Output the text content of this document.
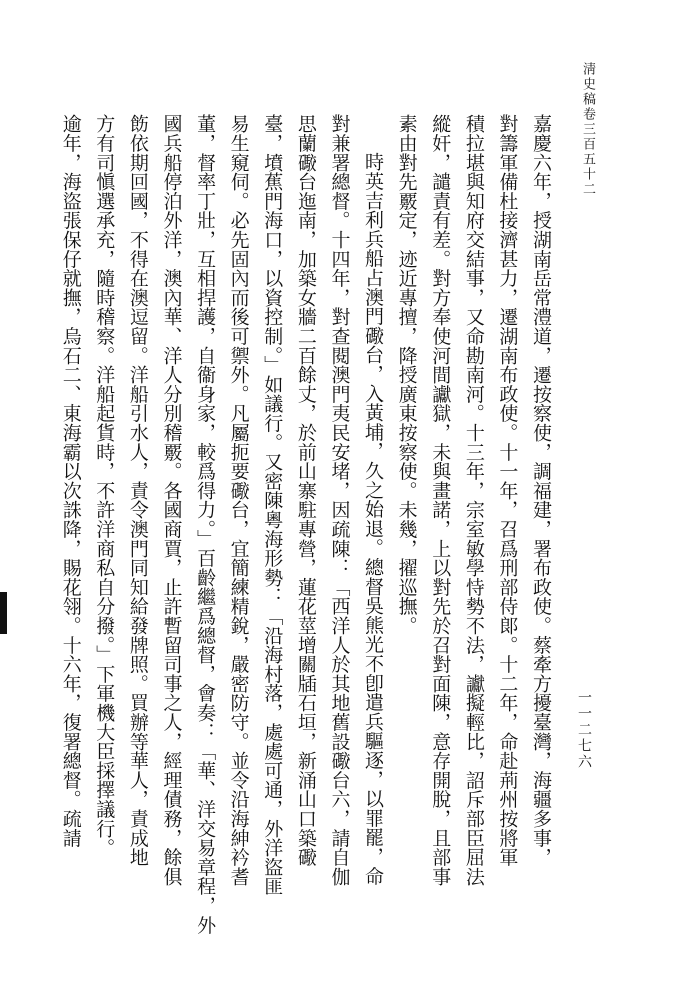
淸史稿卷三百五十二
一一二七六
嘉慶六年，授湖南岳常澧道，遷按察使，調福建，署布政使。蔡牽方擾臺灣，海疆多事，
對籌軍備杜接濟甚力，遷湖南布政使。十一年，召爲刑部侍郞。十二年，命赴荊州按將軍
積拉堪與知府交結事，又命勘南河。十三年，宗室敏學恃勢不法，讞擬輕比，詔斥部臣屈法
縱奸，譴責有差。對方奉使河間讞獄，未與畫諾，上以對先於召對面陳，意存開脫，且部事
素由對先覈定，迹近專擅，降授廣東按察使。未幾，擢巡撫。
時英吉利兵船占澳門礮台，入黃埔，久之始退。總督吳熊光不卽遣兵驅逐，以罪罷，命
對兼署總督。十四年，對查閱澳門夷民安堵，因疏陳：「西洋人於其地舊設礮台六，請自伽
思蘭礮台迤南，加築女牆二百餘丈，於前山寨駐專營，蓮花莖增關牐石垣，新涌山口築礮
臺，墳蕉門海口，以資控制。」如議行。又密陳粵海形勢：「沿海村落，處處可通，外洋盜匪
易生窺伺。必先固內而後可禦外。凡屬扼要礮台，宜簡練精銳，嚴密防守。並令沿海紳衿耆
董，督率丁壯，互相捍護，自衞身家，較爲得力。」百齡繼爲總督，會奏：「華、洋交易章程，外
國兵船停泊外洋，澳內華、洋人分別稽覈。各國商賈，止許暫留司事之人，經理債務，餘俱
飭依期回國，不得在澳逗留。洋船引水人，責令澳門同知給發牌照。買辦等華人，責成地
方有司愼選承充，隨時稽察。洋船起貨時，不許洋商私自分撥。」下軍機大臣採擇議行。
逾年，海盜張保仔就撫，烏石二、東海霸以次誅降，賜花翎。十六年，復署總督。疏請
